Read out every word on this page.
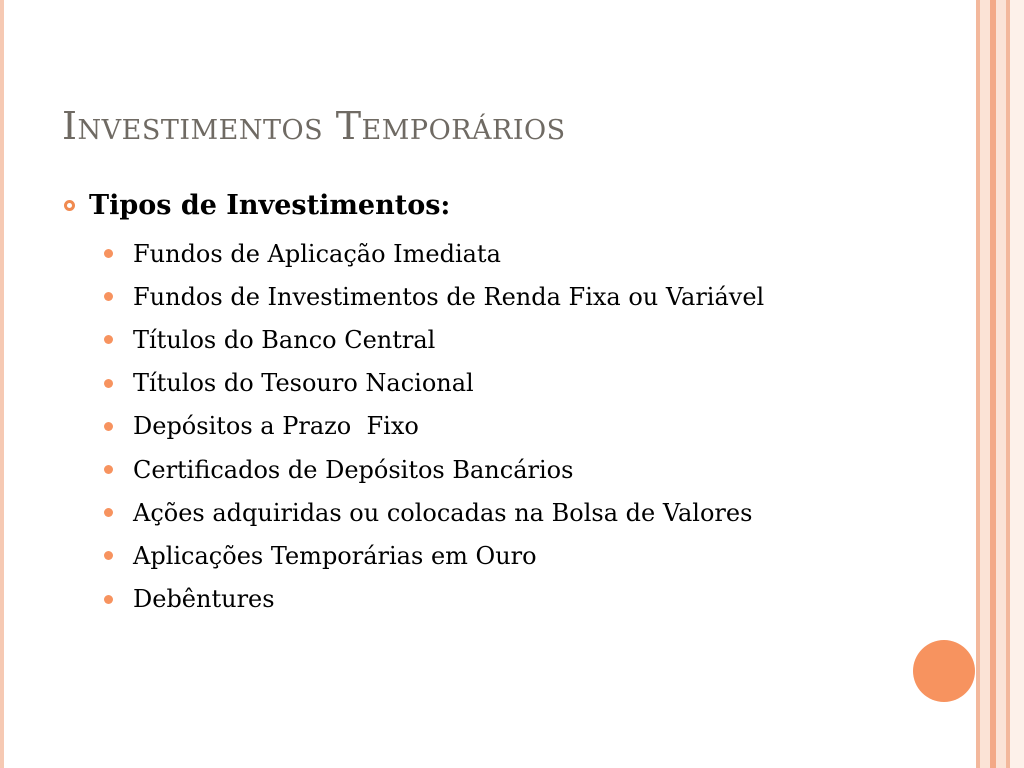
Investimentos Temporários
Tipos de Investimentos:
Fundos de Aplicação Imediata
Fundos de Investimentos de Renda Fixa ou Variável
Títulos do Banco Central
Títulos do Tesouro Nacional
Depósitos a Prazo  Fixo
Certificados de Depósitos Bancários
Ações adquiridas ou colocadas na Bolsa de Valores
Aplicações Temporárias em Ouro
Debêntures
